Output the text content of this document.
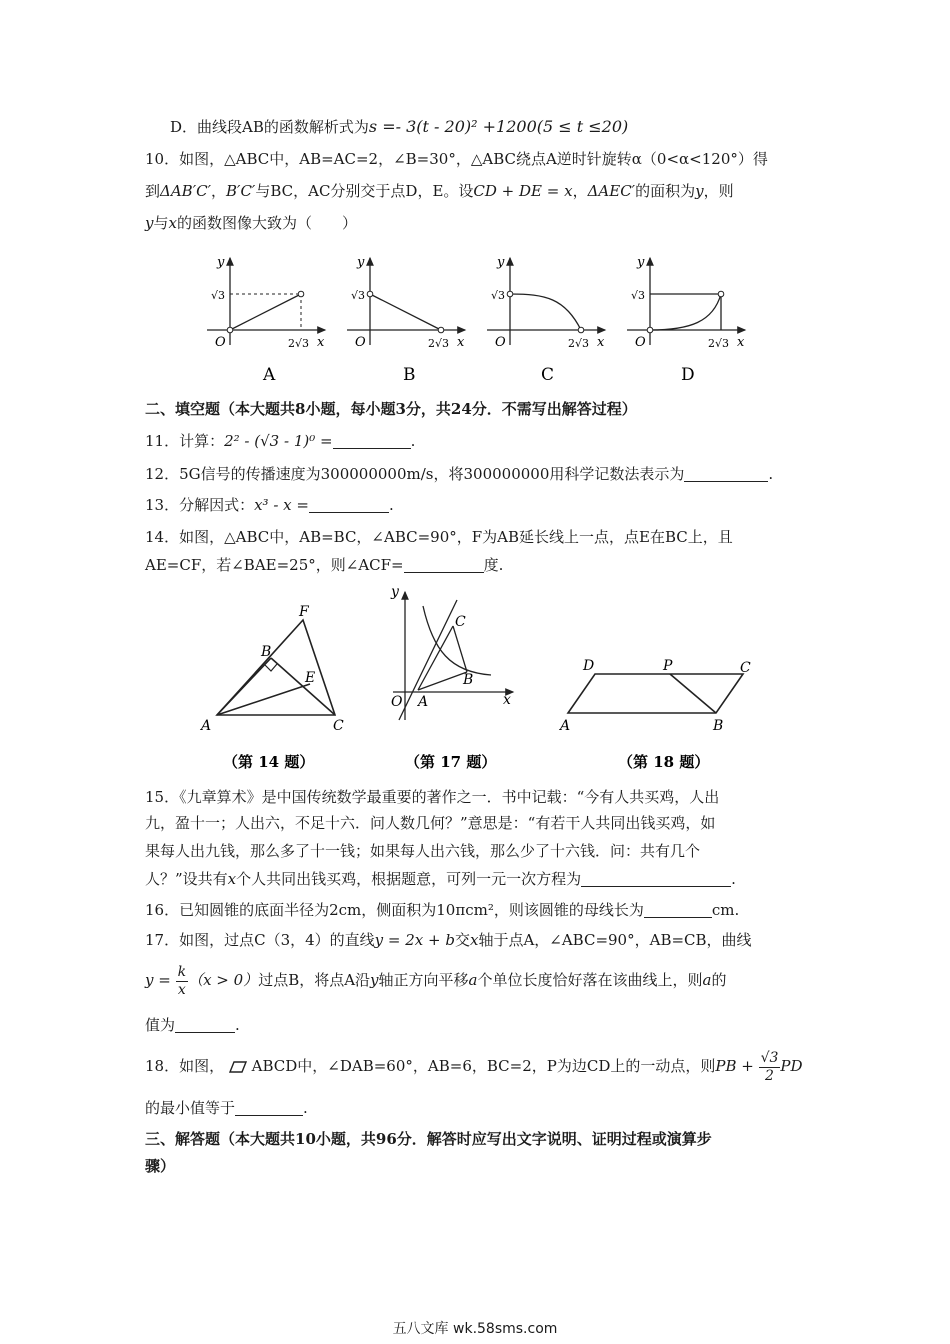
D．曲线段AB的函数解析式为s =- 3(t - 20)² +1200(5 ≤ t ≤20)
10．如图，△ABC中，AB=AC=2，∠B=30°，△ABC绕点A逆时针旋转α（0<α<120°）得
到ΔAB′C′，B′C′与BC，AC分别交于点D，E。设CD + DE = x，ΔAEC′的面积为y，则
y与x的函数图像大致为（　　）
y
x
O
√3
2√3
A
y
x
O
√3
2√3
B
y
x
O
√3
2√3
C
y
x
O
√3
2√3
D
二、填空题（本大题共8小题，每小题3分，共24分．不需写出解答过程）
11．计算：2² - (√3 - 1)⁰ =	.
12．5G信号的传播速度为300000000m/s，将300000000用科学记数法表示为	.
13．分解因式：x³ - x =	.
14．如图，△ABC中，AB=BC，∠ABC=90°，F为AB延长线上一点，点E在BC上，且
AE=CF，若∠BAE=25°，则∠ACF=	度.
F
B
E
A	C
（第 14 题）
y
C
B
O A	x
（第 17 题）
D	P	C
A	B
（第 18 题）
15．《九章算术》是中国传统数学最重要的著作之一．书中记载：“今有人共买鸡，人出
九，盈十一；人出六，不足十六．问人数几何？”意思是：“有若干人共同出钱买鸡，如
果每人出九钱，那么多了十一钱；如果每人出六钱，那么少了十六钱．问：共有几个
人？”设共有x个人共同出钱买鸡，根据题意，可列一元一次方程为	.
16．已知圆锥的底面半径为2cm，侧面积为10πcm²，则该圆锥的母线长为	cm.
17．如图，过点C（3，4）的直线y = 2x + b交x轴于点A，∠ABC=90°，AB=CB，曲线
$y = \frac{k}{x} (x > 0)$过点B，将点A沿y轴正方向平移a个单位长度恰好落在该曲线上，则a的
值为	.
18．如图， ABCD中，∠DAB=60°，AB=6，BC=2，P为边CD上的一动点，则PB + $\frac{√3}{2}$ PD
的最小值等于	.
三、解答题（本大题共10小题，共96分．解答时应写出文字说明、证明过程或演算步
骤）
五八文库 wk.58sms.com
